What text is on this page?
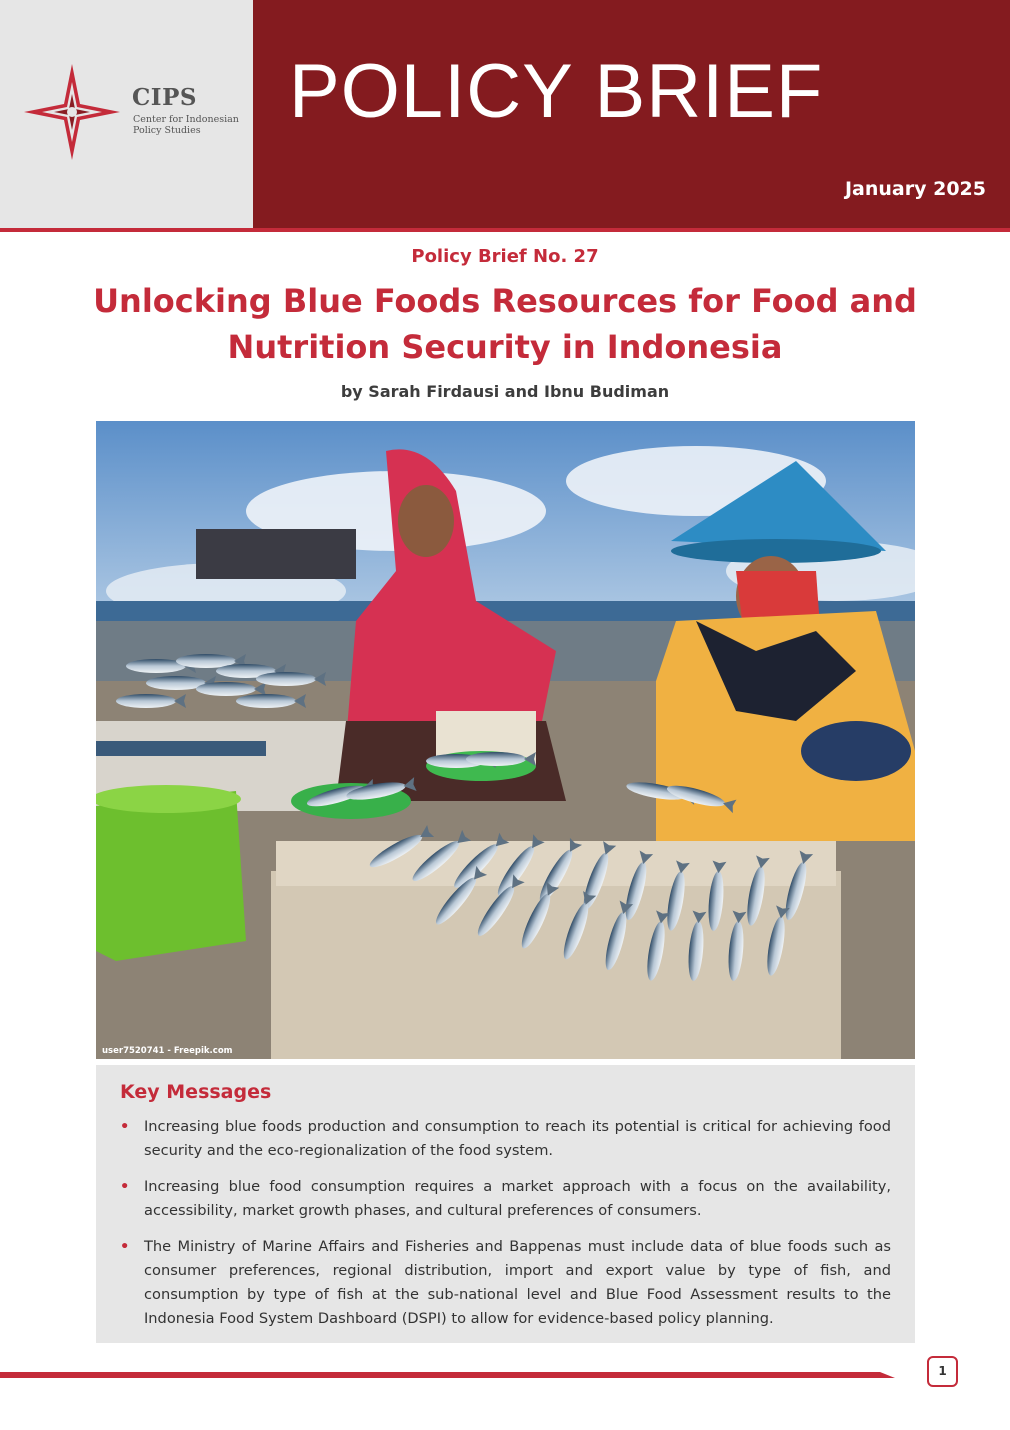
CIPS
Center for Indonesian Policy Studies	POLICY BRIEF
January 2025
Policy Brief No. 27
Unlocking Blue Foods Resources for Food and Nutrition Security in Indonesia
by Sarah Firdausi and Ibnu Budiman
user7520741 - Freepik.com
Key Messages
• Increasing blue foods production and consumption to reach its potential is critical for achieving food security and the eco-regionalization of the food system.
• Increasing blue food consumption requires a market approach with a focus on the availability, accessibility, market growth phases, and cultural preferences of consumers.
• The Ministry of Marine Affairs and Fisheries and Bappenas must include data of blue foods such as consumer preferences, regional distribution, import and export value by type of fish, and consumption by type of fish at the sub-national level and Blue Food Assessment results to the Indonesia Food System Dashboard (DSPI) to allow for evidence-based policy planning.
1
